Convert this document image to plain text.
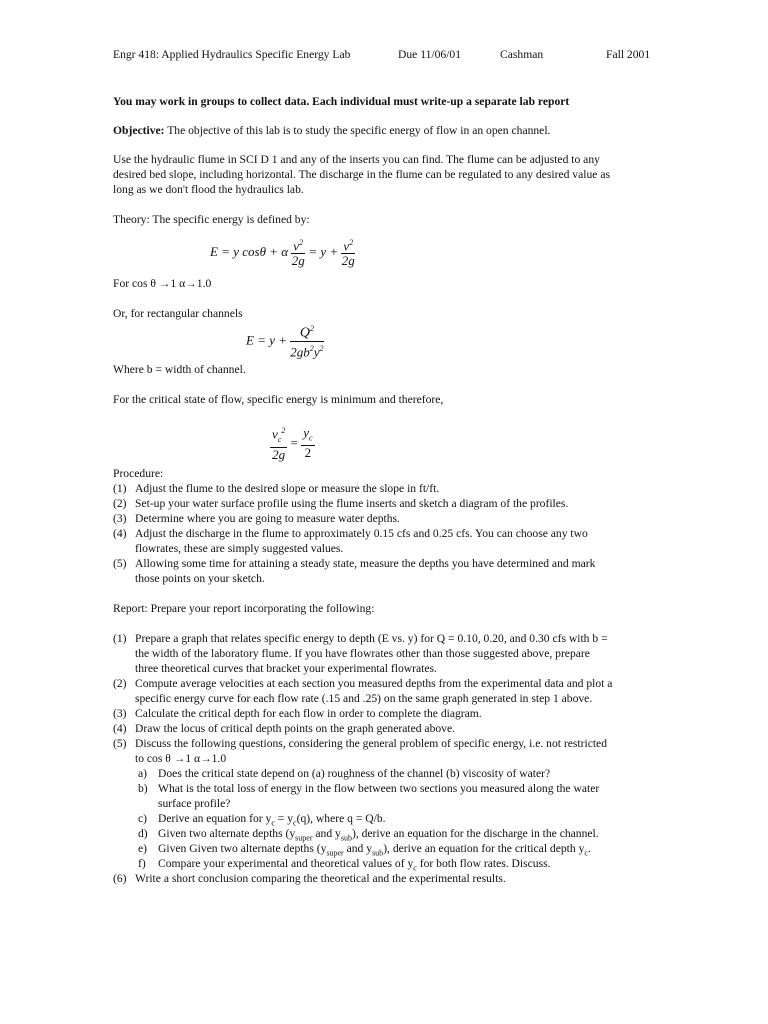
Engr 418: Applied Hydraulics Specific Energy Lab	Due 11/06/01	Cashman	Fall 2001
You may work in groups to collect data. Each individual must write-up a separate lab report
Objective: The objective of this lab is to study the specific energy of flow in an open channel.
Use the hydraulic flume in SCI D 1 and any of the inserts you can find. The flume can be adjusted to any
desired bed slope, including horizontal. The discharge in the flume can be regulated to any desired value as
long as we don't flood the hydraulics lab.
Theory: The specific energy is defined by:
E = y cosθ + α $\frac{v^2}{2g} = y + \frac{v^2}{2g}$
For cos θ →1 α→1.0
Or, for rectangular channels
$E = y + \frac{Q^2}{2gb^2y^2}$
Where b = width of channel.
For the critical state of flow, specific energy is minimum and therefore,
$\frac{v_c^2}{2g} = \frac{y_c}{2}$
Procedure:
(1) Adjust the flume to the desired slope or measure the slope in ft/ft.
(2) Set-up your water surface profile using the flume inserts and sketch a diagram of the profiles.
(3) Determine where you are going to measure water depths.
(4) Adjust the discharge in the flume to approximately 0.15 cfs and 0.25 cfs. You can choose any two
flowrates, these are simply suggested values.
(5) Allowing some time for attaining a steady state, measure the depths you have determined and mark
those points on your sketch.
Report: Prepare your report incorporating the following:
(1) Prepare a graph that relates specific energy to depth (E vs. y) for Q = 0.10, 0.20, and 0.30 cfs with b =
the width of the laboratory flume. If you have flowrates other than those suggested above, prepare
three theoretical curves that bracket your experimental flowrates.
(2) Compute average velocities at each section you measured depths from the experimental data and plot a
specific energy curve for each flow rate (.15 and .25) on the same graph generated in step 1 above.
(3) Calculate the critical depth for each flow in order to complete the diagram.
(4) Draw the locus of critical depth points on the graph generated above.
(5) Discuss the following questions, considering the general problem of specific energy, i.e. not restricted
to cos θ →1 α→1.0
a) Does the critical state depend on (a) roughness of the channel (b) viscosity of water?
b) What is the total loss of energy in the flow between two sections you measured along the water
surface profile?
c) Derive an equation for $y_c = y_c(q)$, where q = Q/b.
d) Given two alternate depths ($y_{super}$ and $y_{sub}$), derive an equation for the discharge in the channel.
e) Given Given two alternate depths ($y_{super}$ and $y_{sub}$), derive an equation for the critical depth $y_c$.
f) Compare your experimental and theoretical values of $y_c$ for both flow rates. Discuss.
(6) Write a short conclusion comparing the theoretical and the experimental results.
